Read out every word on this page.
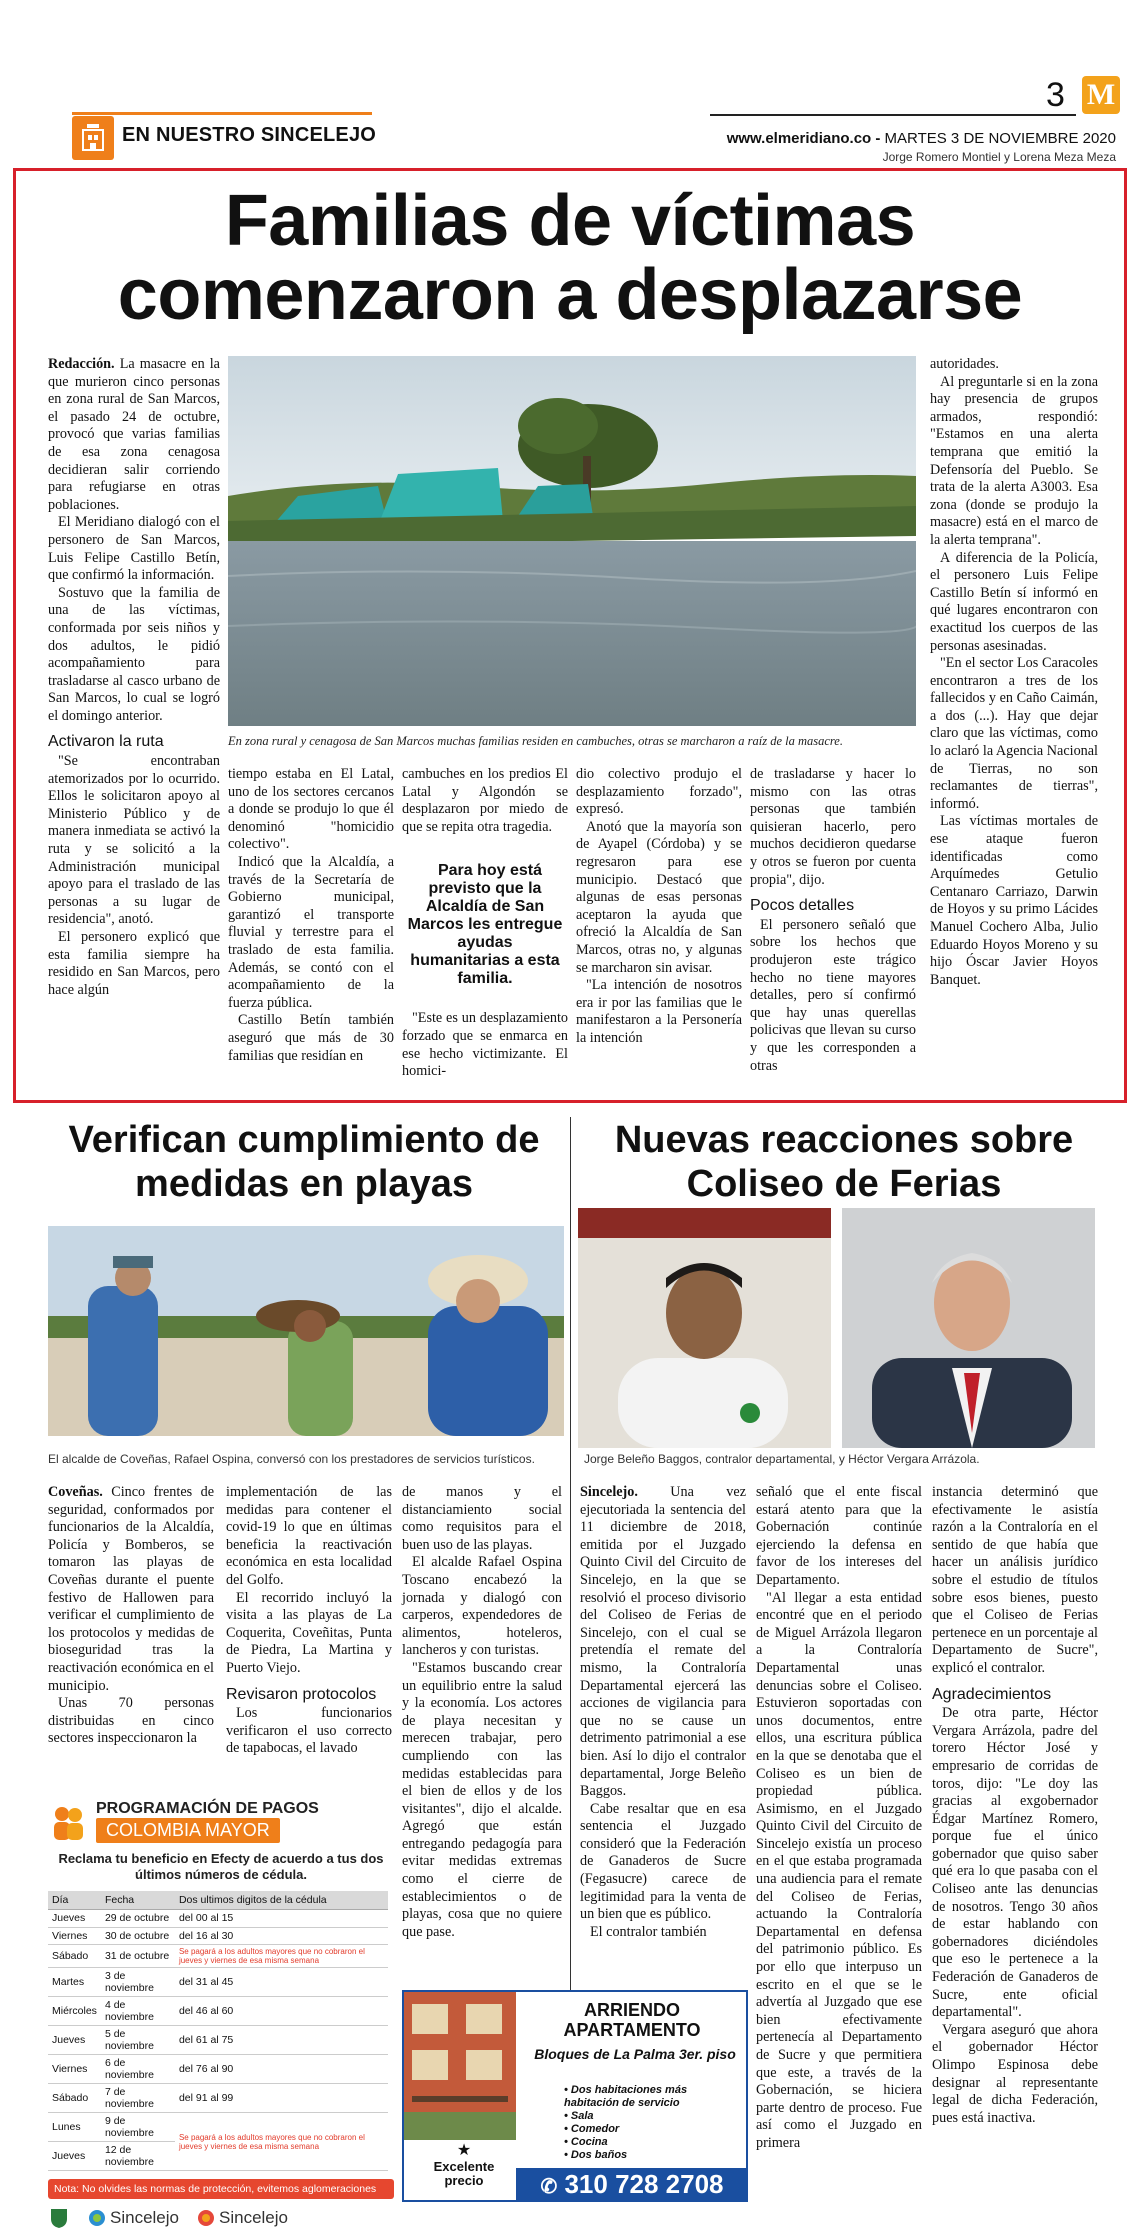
EN NUESTRO SINCELEJO
3 M
www.elmeridiano.co - MARTES 3 DE NOVIEMBRE 2020
Jorge Romero Montiel y Lorena Meza Meza
Familias de víctimas comenzaron a desplazarse

Redacción. La masacre en la que murieron cinco personas en zona rural de San Marcos, el pasado 24 de octubre, provocó que varias familias de esa zona cenagosa decidieran salir corriendo para refugiarse en otras poblaciones.

El Meridiano dialogó con el personero de San Marcos, Luis Felipe Castillo Betín, que confirmó la información.

Sostuvo que la familia de una de las víctimas, conformada por seis niños y dos adultos, le pidió acompañamiento para trasladarse al casco urbano de San Marcos, lo cual se logró el domingo anterior.

Activaron la ruta

"Se encontraban atemorizados por lo ocurrido. Ellos le solicitaron apoyo al Ministerio Público y de manera inmediata se activó la ruta y se solicitó a la Administración municipal apoyo para el traslado de las personas a su lugar de residencia", anotó.

El personero explicó que esta familia siempre ha residido en San Marcos, pero hace algún

En zona rural y cenagosa de San Marcos muchas familias residen en cambuches, otras se marcharon a raíz de la masacre.

tiempo estaba en El Latal, uno de los sectores cercanos a donde se produjo lo que él denominó "homicidio colectivo".

Indicó que la Alcaldía, a través de la Secretaría de Gobierno municipal, garantizó el transporte fluvial y terrestre para el traslado de esta familia. Además, se contó con el acompañamiento de la fuerza pública.

Castillo Betín también aseguró que más de 30 familias que residían en

cambuches en los predios El Latal y Algondón se desplazaron por miedo de que se repita otra tragedia.

Para hoy está previsto que la Alcaldía de San Marcos les entregue ayudas humanitarias a esta familia.

"Este es un desplazamiento forzado que se enmarca en ese hecho victimizante. El homici-

dio colectivo produjo el desplazamiento forzado", expresó.

Anotó que la mayoría son de Ayapel (Córdoba) y se regresaron para ese municipio. Destacó que algunas de esas personas aceptaron la ayuda que ofreció la Alcaldía de San Marcos, otras no, y algunas se marcharon sin avisar.

"La intención de nosotros era ir por las familias que le manifestaron a la Personería la intención

de trasladarse y hacer lo mismo con las otras personas que también quisieran hacerlo, pero muchos decidieron quedarse y otros se fueron por cuenta propia", dijo.

Pocos detalles

El personero señaló que sobre los hechos que produjeron este trágico hecho no tiene mayores detalles, pero sí confirmó que hay unas querellas policivas que llevan su curso y que les corresponden a otras

autoridades.

Al preguntarle si en la zona hay presencia de grupos armados, respondió: "Estamos en una alerta temprana que emitió la Defensoría del Pueblo. Se trata de la alerta A3003. Esa zona (donde se produjo la masacre) está en el marco de la alerta temprana".

A diferencia de la Policía, el personero Luis Felipe Castillo Betín sí informó en qué lugares encontraron con exactitud los cuerpos de las personas asesinadas.

"En el sector Los Caracoles encontraron a tres de los fallecidos y en Caño Caimán, a dos (...). Hay que dejar claro que las víctimas, como lo aclaró la Agencia Nacional de Tierras, no son reclamantes de tierras", informó.

Las víctimas mortales de ese ataque fueron identificadas como Arquímedes Getulio Centanaro Carriazo, Darwin de Hoyos y su primo Lácides Manuel Cochero Alba, Julio Eduardo Hoyos Moreno y su hijo Óscar Javier Hoyos Banquet.

Verifican cumplimiento de medidas en playas
El alcalde de Coveñas, Rafael Ospina, conversó con los prestadores de servicios turísticos.

Coveñas. Cinco frentes de seguridad, conformados por funcionarios de la Alcaldía, Policía y Bomberos, se tomaron las playas de Coveñas durante el puente festivo de Hallowen para verificar el cumplimiento de los protocolos y medidas de bioseguridad tras la reactivación económica en el municipio.

Unas 70 personas distribuidas en cinco sectores inspeccionaron la

implementación de las medidas para contener el covid-19 lo que en últimas beneficia la reactivación económica en esta localidad del Golfo.

El recorrido incluyó la visita a las playas de La Coquerita, Coveñitas, Punta de Piedra, La Martina y Puerto Viejo.

Revisaron protocolos

Los funcionarios verificaron el uso correcto de tapabocas, el lavado

de manos y el distanciamiento social como requisitos para el buen uso de las playas.

El alcalde Rafael Ospina Toscano encabezó la jornada y dialogó con carperos, expendedores de alimentos, hoteleros, lancheros y con turistas.

"Estamos buscando crear un equilibrio entre la salud y la economía. Los actores de playa necesitan y merecen trabajar, pero cumpliendo con las medidas establecidas para el bien de ellos y de los visitantes", dijo el alcalde. Agregó que están entregando pedagogía para evitar medidas extremas como el cierre de establecimientos o de playas, cosa que no quiere que pase.

PROGRAMACIÓN DE PAGOS
COLOMBIA MAYOR
Reclama tu beneficio en Efecty de acuerdo a tus dos últimos números de cédula.
Día	Fecha	Dos ultimos digitos de la cédula
Jueves	29 de octubre	del 00 al 15
Viernes	30 de octubre	del 16 al 30
Sábado	31 de octubre	Se pagará a los adultos mayores que no cobraron el jueves y viernes de esa misma semana
Martes	3 de noviembre	del 31 al 45
Miércoles	4 de noviembre	del 46 al 60
Jueves	5 de noviembre	del 61 al 75
Viernes	6 de noviembre	del 76 al 90
Sábado	7 de noviembre	del 91 al 99
Lunes	9 de noviembre	Se pagará a los adultos mayores que no cobraron el jueves y viernes de esa misma semana
Jueves	12 de noviembre	
Nota: No olvides las normas de protección, evitemos aglomeraciones
Sincelejo Sincelejo
ARRIENDO
APARTAMENTO
Bloques de La Palma 3er. piso
• Dos habitaciones más habitación de servicio
• Sala
• Comedor
• Cocina
• Dos baños
★
Excelente precio	✆ 310 728 2708
Nuevas reacciones sobre Coliseo de Ferias
Jorge Beleño Baggos, contralor departamental, y Héctor Vergara Arrázola.

Sincelejo. Una vez ejecutoriada la sentencia del 11 diciembre de 2018, emitida por el Juzgado Quinto Civil del Circuito de Sincelejo, en la que se resolvió el proceso divisorio del Coliseo de Ferias de Sincelejo, con el cual se pretendía el remate del mismo, la Contraloría Departamental ejercerá las acciones de vigilancia para que no se cause un detrimento patrimonial a ese bien. Así lo dijo el contralor departamental, Jorge Beleño Baggos.

Cabe resaltar que en esa sentencia el Juzgado consideró que la Federación de Ganaderos de Sucre (Fegasucre) carece de legitimidad para la venta de un bien que es público.

El contralor también

señaló que el ente fiscal estará atento para que la Gobernación continúe ejerciendo la defensa en favor de los intereses del Departamento.

"Al llegar a esta entidad encontré que en el periodo de Miguel Arrázola llegaron a la Contraloría Departamental unas denuncias sobre el Coliseo. Estuvieron soportadas con unos documentos, entre ellos, una escritura pública en la que se denotaba que el Coliseo es un bien de propiedad pública. Asimismo, en el Juzgado Quinto Civil del Circuito de Sincelejo existía un proceso en el que estaba programada una audiencia para el remate del Coliseo de Ferias, actuando la Contraloría Departamental en defensa del patrimonio público. Es por ello que interpuso un escrito en el que se le advertía al Juzgado que ese bien efectivamente pertenecía al Departamento de Sucre y que permitiera que este, a través de la Gobernación, se hiciera parte dentro de proceso. Fue así como el Juzgado en primera

instancia determinó que efectivamente le asistía razón a la Contraloría en el sentido de que había que hacer un análisis jurídico sobre el estudio de títulos sobre esos bienes, puesto que el Coliseo de Ferias pertenece en un porcentaje al Departamento de Sucre", explicó el contralor.

Agradecimientos

De otra parte, Héctor Vergara Arrázola, padre del torero Héctor José y empresario de corridas de toros, dijo: "Le doy las gracias al exgobernador Édgar Martínez Romero, porque fue el único gobernador que quiso saber qué era lo que pasaba con el Coliseo ante las denuncias de nosotros. Tengo 30 años de estar hablando con gobernadores diciéndoles que eso le pertenece a la Federación de Ganaderos de Sucre, ente oficial departamental".

Vergara aseguró que ahora el gobernador Héctor Olimpo Espinosa debe designar al representante legal de dicha Federación, pues está inactiva.
